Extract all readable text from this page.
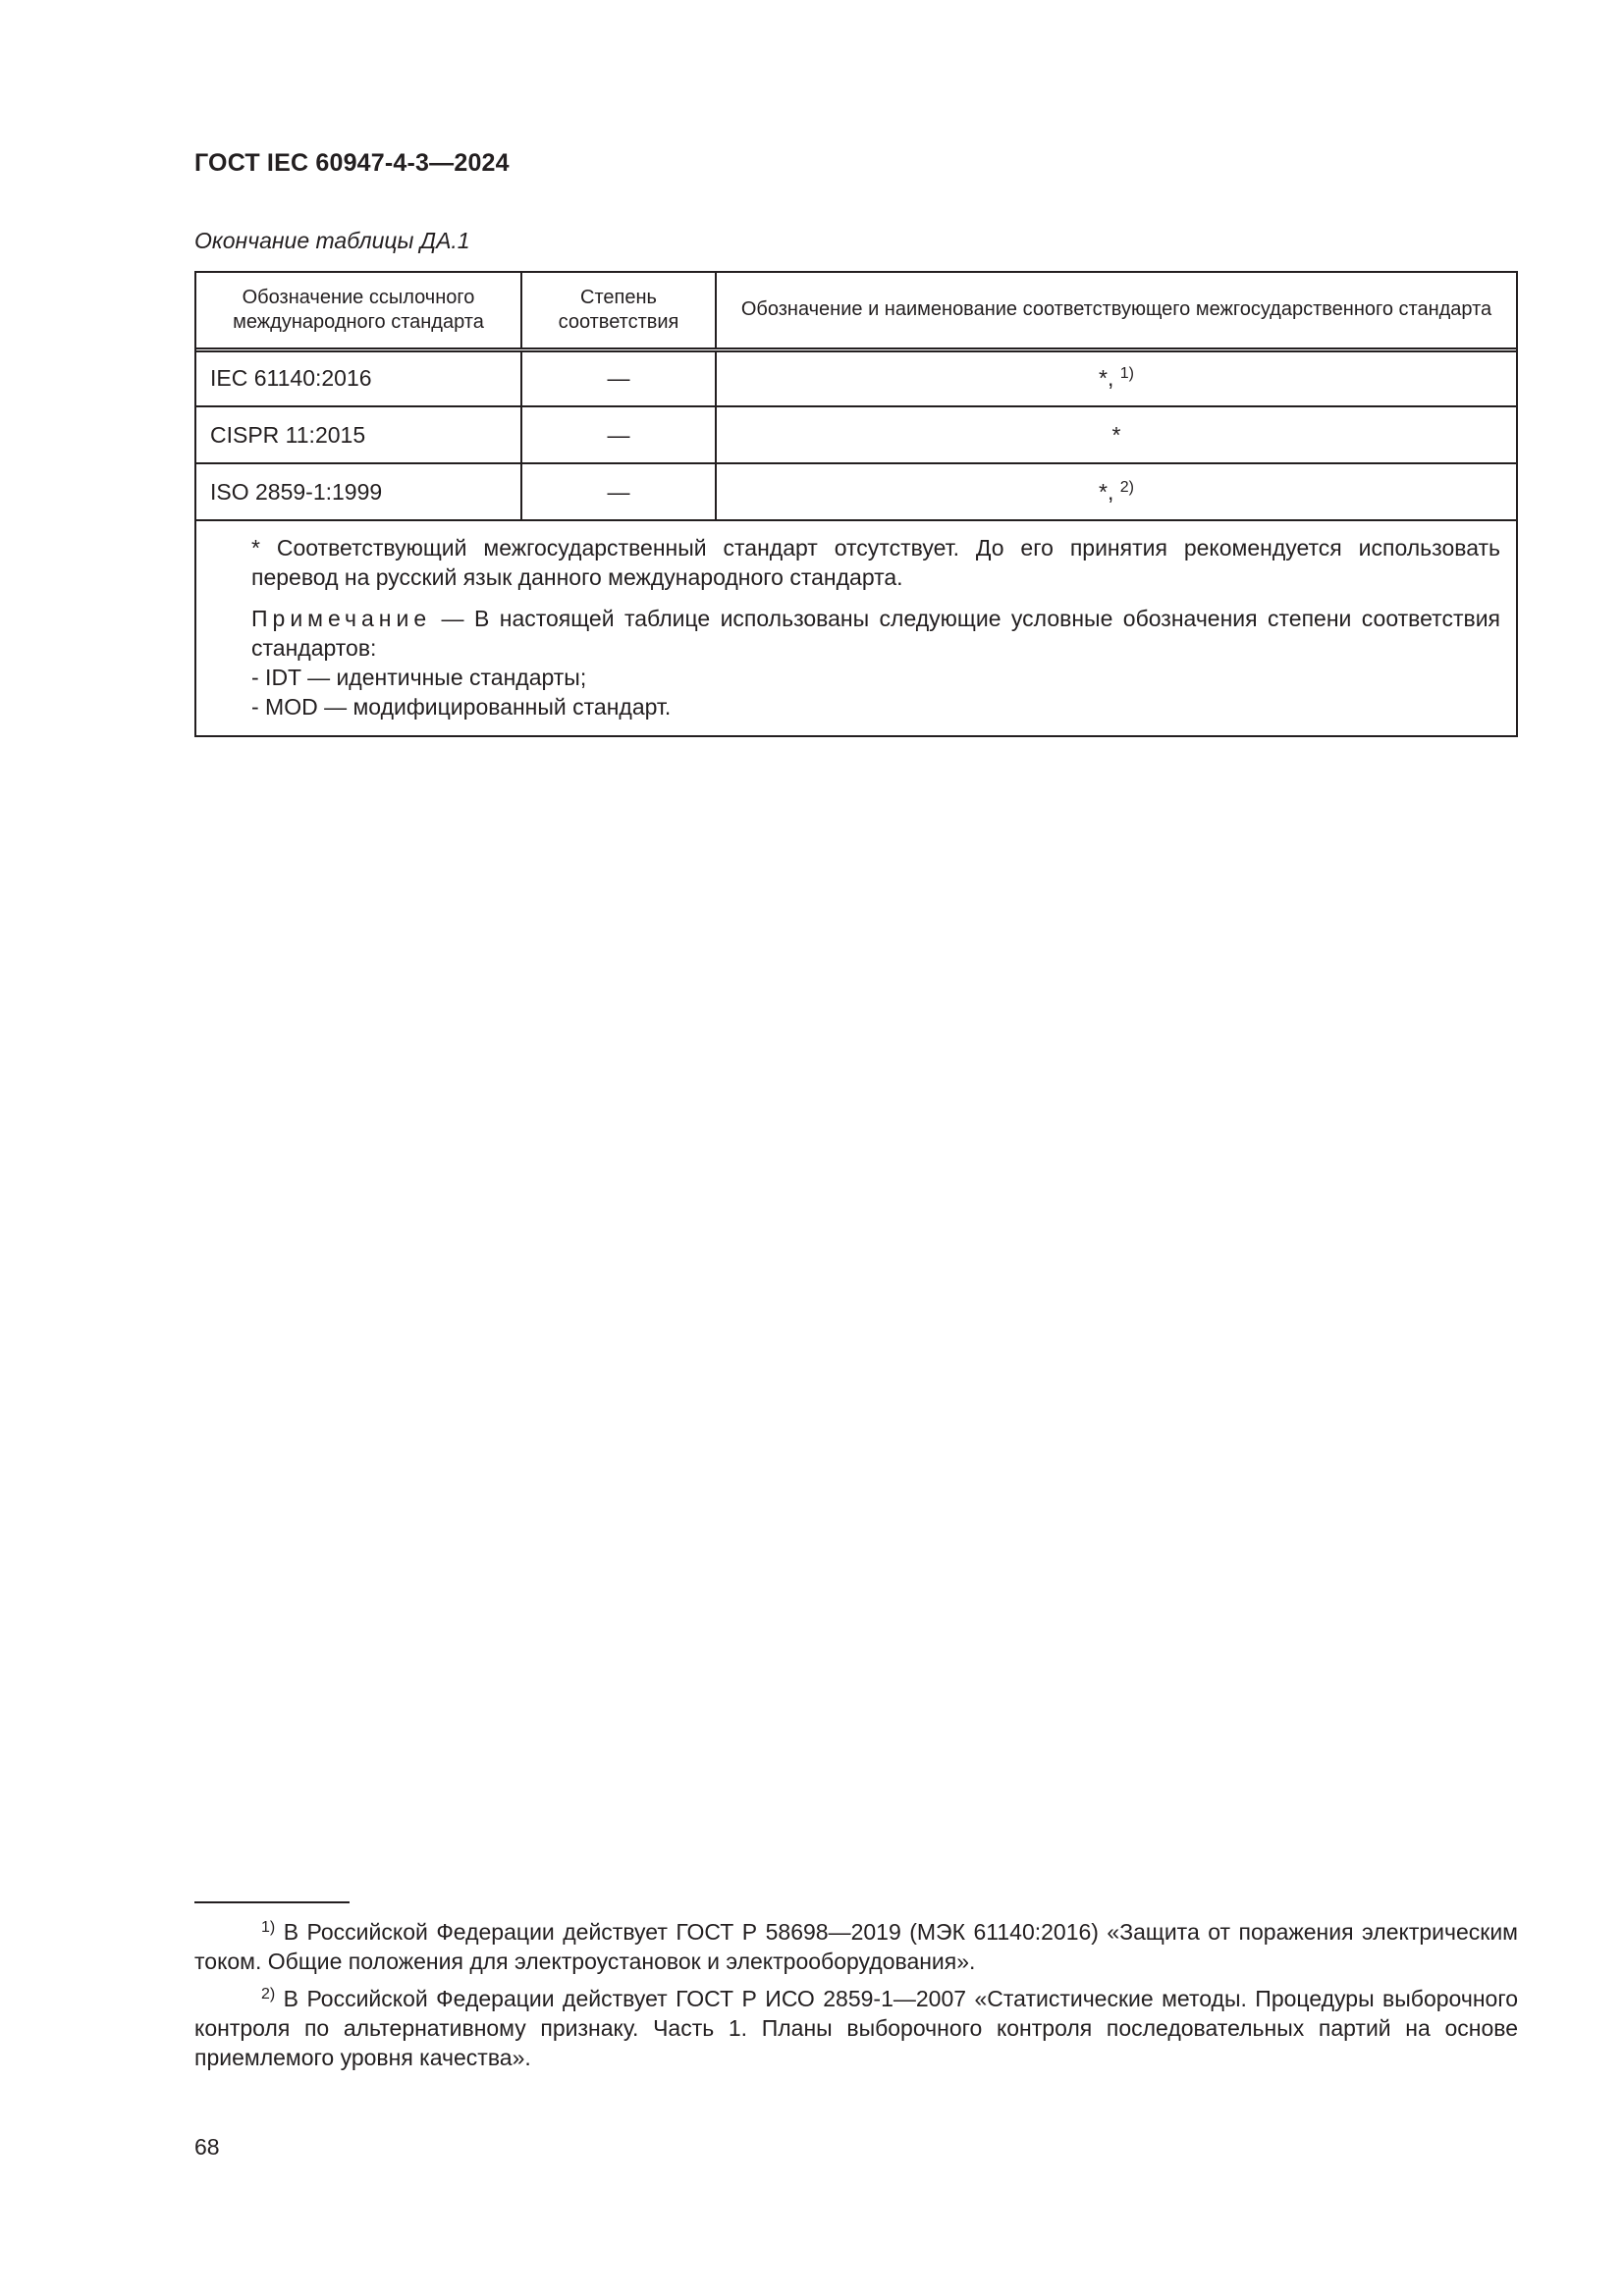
ГОСТ IEC 60947-4-3—2024
Окончание таблицы ДА.1
Обозначение ссылочного международного стандарта	Степень соответствия	Обозначение и наименование соответствующего межгосударственного стандарта
IEC 61140:2016	—	*, $^{1)}$
CISPR 11:2015	—	*
ISO 2859-1:1999	—	*, $^{2)}$

* Соответствующий межгосударственный стандарт отсутствует. До его принятия рекомендуется использовать перевод на русский язык данного международного стандарта.

Примечание — В настоящей таблице использованы следующие условные обозначения степени соответствия стандартов:

- IDT — идентичные стандарты;

- MOD — модифицированный стандарт.

$^{1)}$ В Российской Федерации действует ГОСТ Р 58698—2019 (МЭК 61140:2016) «Защита от поражения электрическим током. Общие положения для электроустановок и электрооборудования».

$^{2)}$ В Российской Федерации действует ГОСТ Р ИСО 2859-1—2007 «Статистические методы. Процедуры выборочного контроля по альтернативному признаку. Часть 1. Планы выборочного контроля последовательных партий на основе приемлемого уровня качества».

68
